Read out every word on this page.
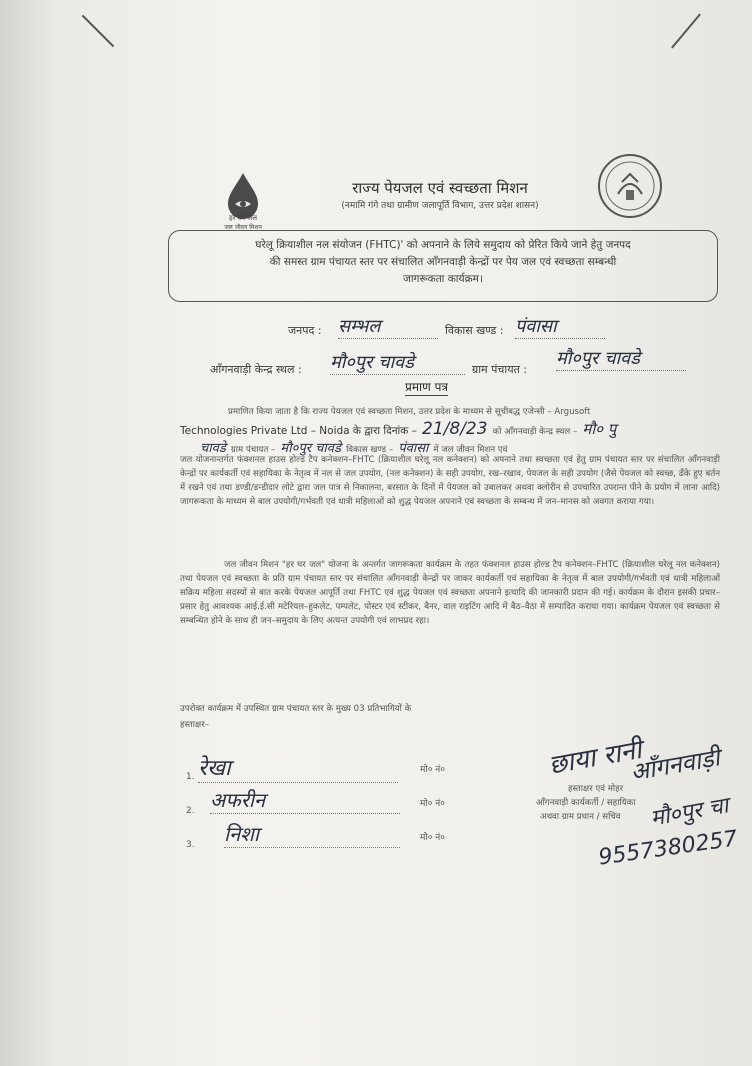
हर घर जल
जल जीवन मिशन
राज्य पेयजल एवं स्वच्छता मिशन
(नमामि गंगे तथा ग्रामीण जलापूर्ति विभाग, उत्तर प्रदेश शासन)

घरेलू क्रियाशील नल संयोजन (FHTC)' को अपनाने के लिये समुदाय को प्रेरित किये जाने हेतु जनपद

की समस्त ग्राम पंचायत स्तर पर संचालित आँगनवाड़ी केन्द्रों पर पेय जल एवं स्वच्छता सम्बन्धी

जागरूकता कार्यक्रम।

जनपद : सम्भल	विकास खण्ड : पंवासा
आँगनवाड़ी केन्द्र स्थल : मौ०पुर चावडे	ग्राम पंचायत :
मौ०पुर चावडे
प्रमाण पत्र
प्रमाणित किया जाता है कि राज्य पेयजल एवं स्वच्छता मिशन, उत्तर प्रदेश के माध्यम से सूचीबद्ध एजेन्सी – Argusoft
Technologies Private Ltd – Noida के द्वारा दिनांक – 21/8/23 को आँगनवाड़ी केन्द्र स्थल – मौ० पु
चावडे ग्राम पंचायत – मौ०पुर चावडे विकास खण्ड – पंवासा में जल जीवन मिशन एवं
जल योजनान्तर्गत फंक्शनल हाउस होल्ड टैप कनेक्शन–FHTC (क्रियाशील घरेलू नल कनेक्शन) को अपनाने तथा स्वच्छता एवं हेतु ग्राम पंचायत स्तर पर संचालित आँगनवाड़ी केन्द्रों पर कार्यकर्ती एवं सहायिका के नेतृत्व में नल से जल उपयोग, (नल कनेक्शन) के सही उपयोग, रख–रखाव, पेयजल के सही उपयोग (जैसे पेयजल को स्वच्छ, ढँके हुए बर्तन में रखने एवं तथा डण्डी/डन्डीदार लोटे द्वारा जल पात्र से निकालना, बरसात के दिनों में पेयजल को उबालकर अथवा क्लोरीन से उपचारित उपरान्त पीने के प्रयोग में लाना आदि) जागरूकता के माध्यम से बाल उपयोगी/गर्भवती एवं धात्री महिलाओं को शुद्ध पेयजल अपनाने एवं स्वच्छता के सम्बन्ध में जन–मानस को अवगत कराया गया।
जल जीवन मिशन "हर घर जल" योजना के अन्तर्गत जागरूकता कार्यक्रम के तहत फंक्शनल हाउस होल्ड टैप कनेक्शन–FHTC (क्रियाशील घरेलू नल कनेक्शन) तथा पेयजल एवं स्वच्छता के प्रति ग्राम पंचायत स्तर पर संचालित आँगनवाड़ी केन्द्रों पर जाकर कार्यकर्ती एवं सहायिका के नेतृत्व में बाल उपयोगी/गर्भवती एवं धात्री महिलाओं सक्रिय महिला सदस्यों से बात करके पेयजल आपूर्ति तथा FHTC एवं शुद्ध पेयजल एवं स्वच्छता अपनाने इत्यादि की जानकारी प्रदान की गई। कार्यक्रम के दौरान इसकी प्रचार–प्रसार हेतु आवश्यक आई.ई.सी मटेरियल–हुकलेट, पम्पलेट, पोस्टर एवं स्टीकर, बैनर, वाल राइटिंग आदि में बैठ–वैठा में सम्पादित कराया गया। कार्यक्रम पेयजल एवं स्वच्छता से सम्बन्धित होने के साथ ही जन–समुदाय के लिए अत्यन्त उपयोगी एवं लाभप्रद रहा।
उपरोक्त कार्यक्रम में उपस्थित ग्राम पंचायत स्तर के मुख्य 03 प्रतिभागियों के
हस्ताक्षर–
1. रेखा	मो० नं०
2. अफरीन	मो० नं०
3. निशा	मो० नं०
छाया रानी
हस्ताक्षर एवं मोहर
आँगनवाड़ी कार्यकर्ती / सहायिका
अथवा ग्राम प्रधान / सचिव
आँगनवाड़ी
मौ०पुर चा
9557380257
